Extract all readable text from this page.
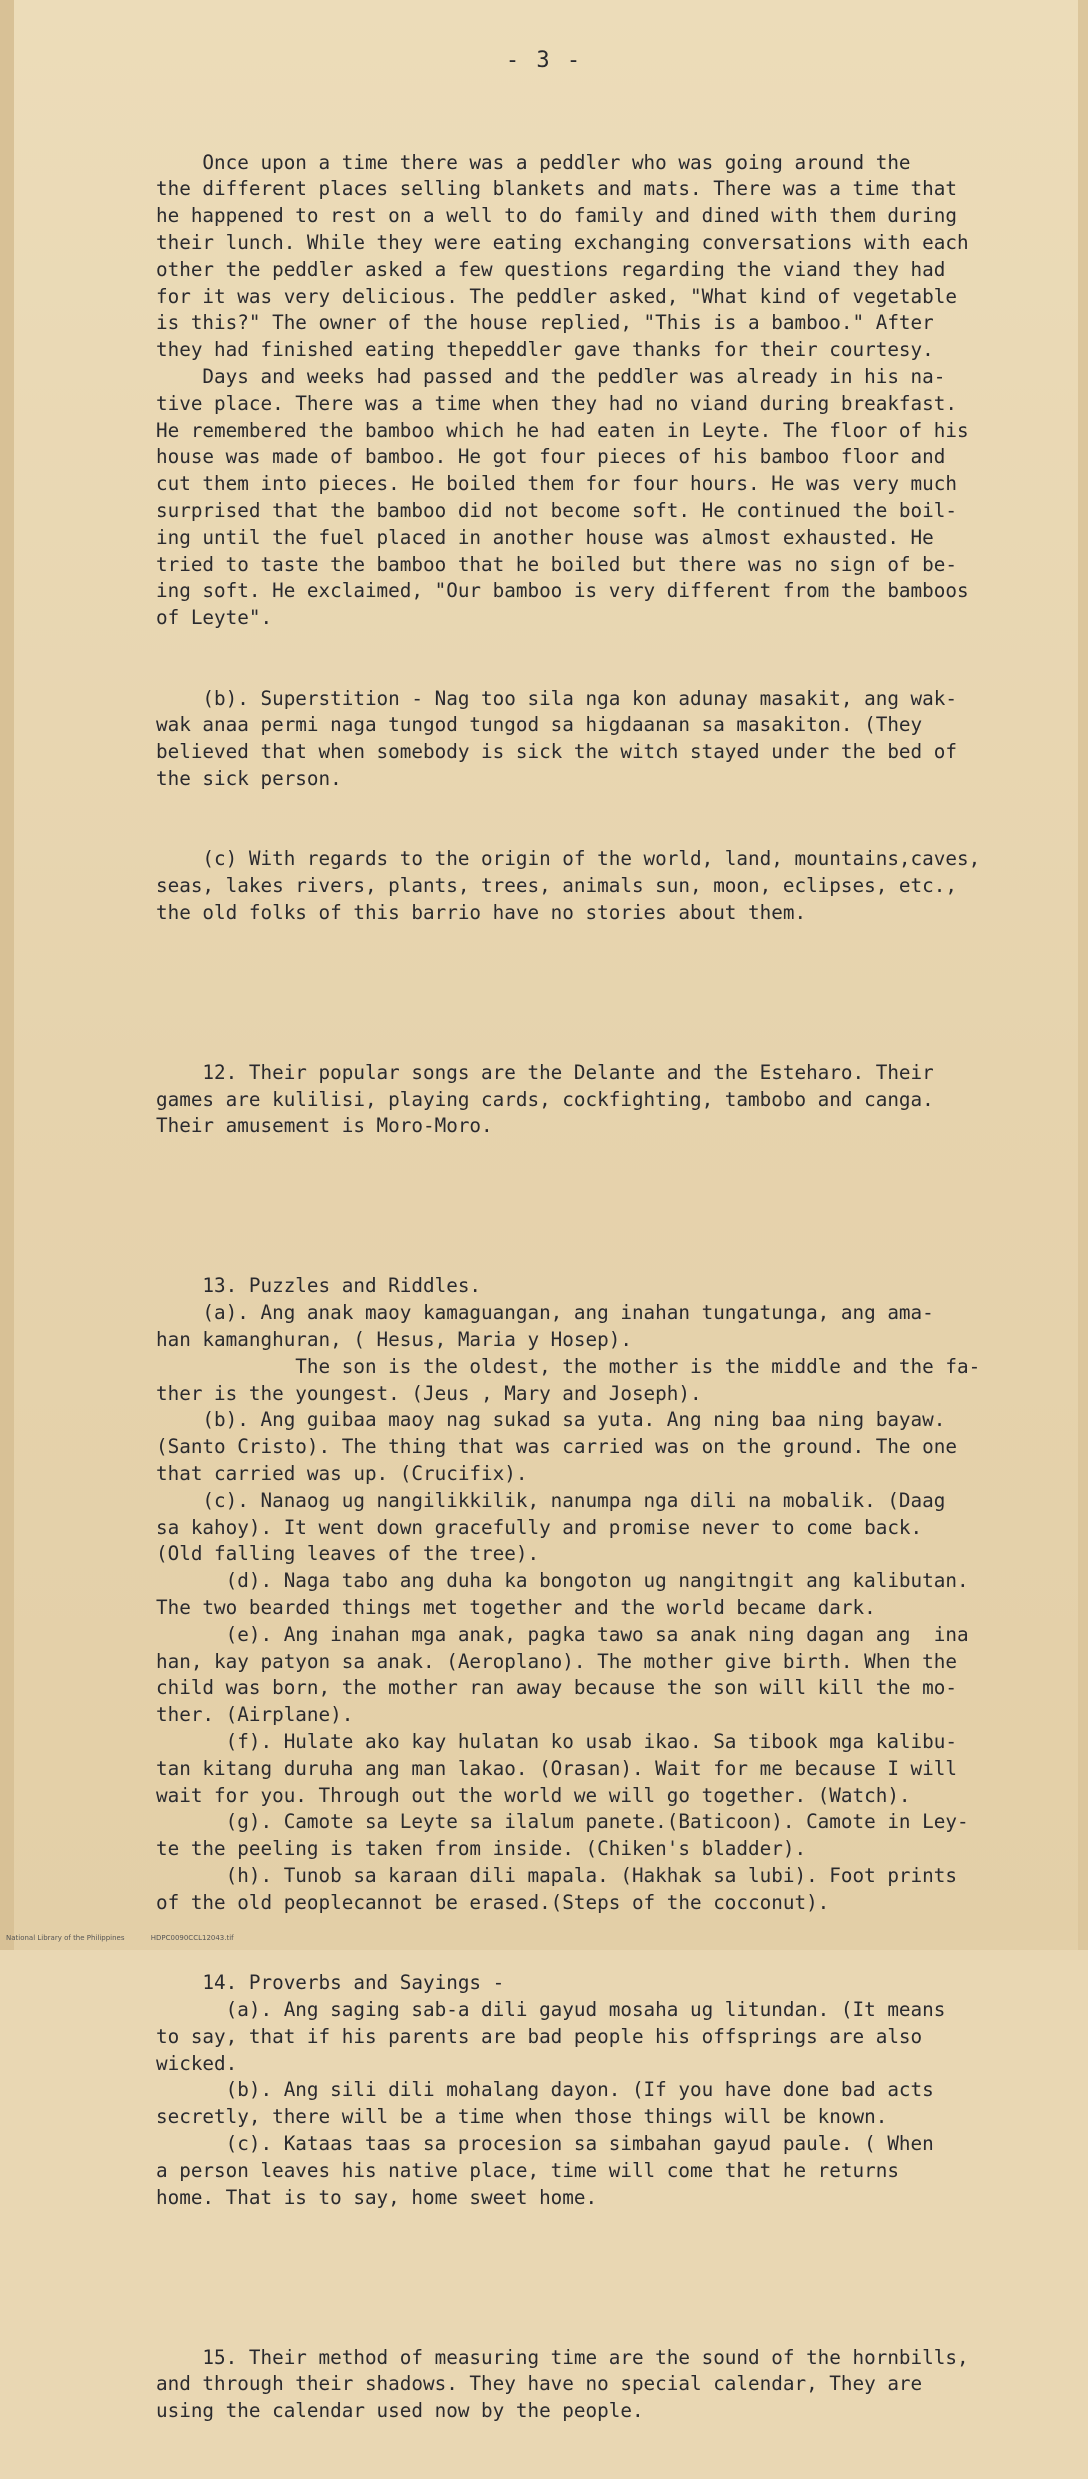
- 3 -

Once upon a time there was a peddler who was going around the
the different places selling blankets and mats. There was a time that
he happened to rest on a well to do family and dined with them during
their lunch. While they were eating exchanging conversations with each
other the peddler asked a few questions regarding the viand they had
for it was very delicious. The peddler asked, "What kind of vegetable
is this?" The owner of the house replied, "This is a bamboo." After
they had finished eating thepeddler gave thanks for their courtesy.
Days and weeks had passed and the peddler was already in his na-
tive place. There was a time when they had no viand during breakfast.
He remembered the bamboo which he had eaten in Leyte. The floor of his
house was made of bamboo. He got four pieces of his bamboo floor and
cut them into pieces. He boiled them for four hours. He was very much
surprised that the bamboo did not become soft. He continued the boil-
ing until the fuel placed in another house was almost exhausted. He
tried to taste the bamboo that he boiled but there was no sign of be-
ing soft. He exclaimed, "Our bamboo is very different from the bamboos
of Leyte".

(b). Superstition - Nag too sila nga kon adunay masakit, ang wak-
wak anaa permi naga tungod tungod sa higdaanan sa masakiton. (They
believed that when somebody is sick the witch stayed under the bed of
the sick person.

(c) With regards to the origin of the world, land, mountains,caves,
seas, lakes rivers, plants, trees, animals sun, moon, eclipses, etc.,
the old folks of this barrio have no stories about them.

12. Their popular songs are the Delante and the Esteharo. Their
games are kulilisi, playing cards, cockfighting, tambobo and canga.
Their amusement is Moro-Moro.

13. Puzzles and Riddles.
(a). Ang anak maoy kamaguangan, ang inahan tungatunga, ang ama-
han kamanghuran, ( Hesus, Maria y Hosep).
The son is the oldest, the mother is the middle and the fa-
ther is the youngest. (Jeus , Mary and Joseph).
(b). Ang guibaa maoy nag sukad sa yuta. Ang ning baa ning bayaw.
(Santo Cristo). The thing that was carried was on the ground. The one
that carried was up. (Crucifix).
(c). Nanaog ug nangilikkilik, nanumpa nga dili na mobalik. (Daag
sa kahoy). It went down gracefully and promise never to come back.
(Old falling leaves of the tree).
(d). Naga tabo ang duha ka bongoton ug nangitngit ang kalibutan.
The two bearded things met together and the world became dark.
(e). Ang inahan mga anak, pagka tawo sa anak ning dagan ang  ina
han, kay patyon sa anak. (Aeroplano). The mother give birth. When the
child was born, the mother ran away because the son will kill the mo-
ther. (Airplane).
(f). Hulate ako kay hulatan ko usab ikao. Sa tibook mga kalibu-
tan kitang duruha ang man lakao. (Orasan). Wait for me because I will
wait for you. Through out the world we will go together. (Watch).
(g). Camote sa Leyte sa ilalum panete.(Baticoon). Camote in Ley-
te the peeling is taken from inside. (Chiken's bladder).
(h). Tunob sa karaan dili mapala. (Hakhak sa lubi). Foot prints
of the old peoplecannot be erased.(Steps of the cocconut).

14. Proverbs and Sayings -
(a). Ang saging sab-a dili gayud mosaha ug litundan. (It means
to say, that if his parents are bad people his offsprings are also
wicked.
(b). Ang sili dili mohalang dayon. (If you have done bad acts
secretly, there will be a time when those things will be known.
(c). Kataas taas sa procesion sa simbahan gayud paule. ( When
a person leaves his native place, time will come that he returns
home. That is to say, home sweet home.

15. Their method of measuring time are the sound of the hornbills,
and through their shadows. They have no special calendar, They are
using the calendar used now by the people.

National Library of the Philippines	HDPC0090CCL12043.tif
